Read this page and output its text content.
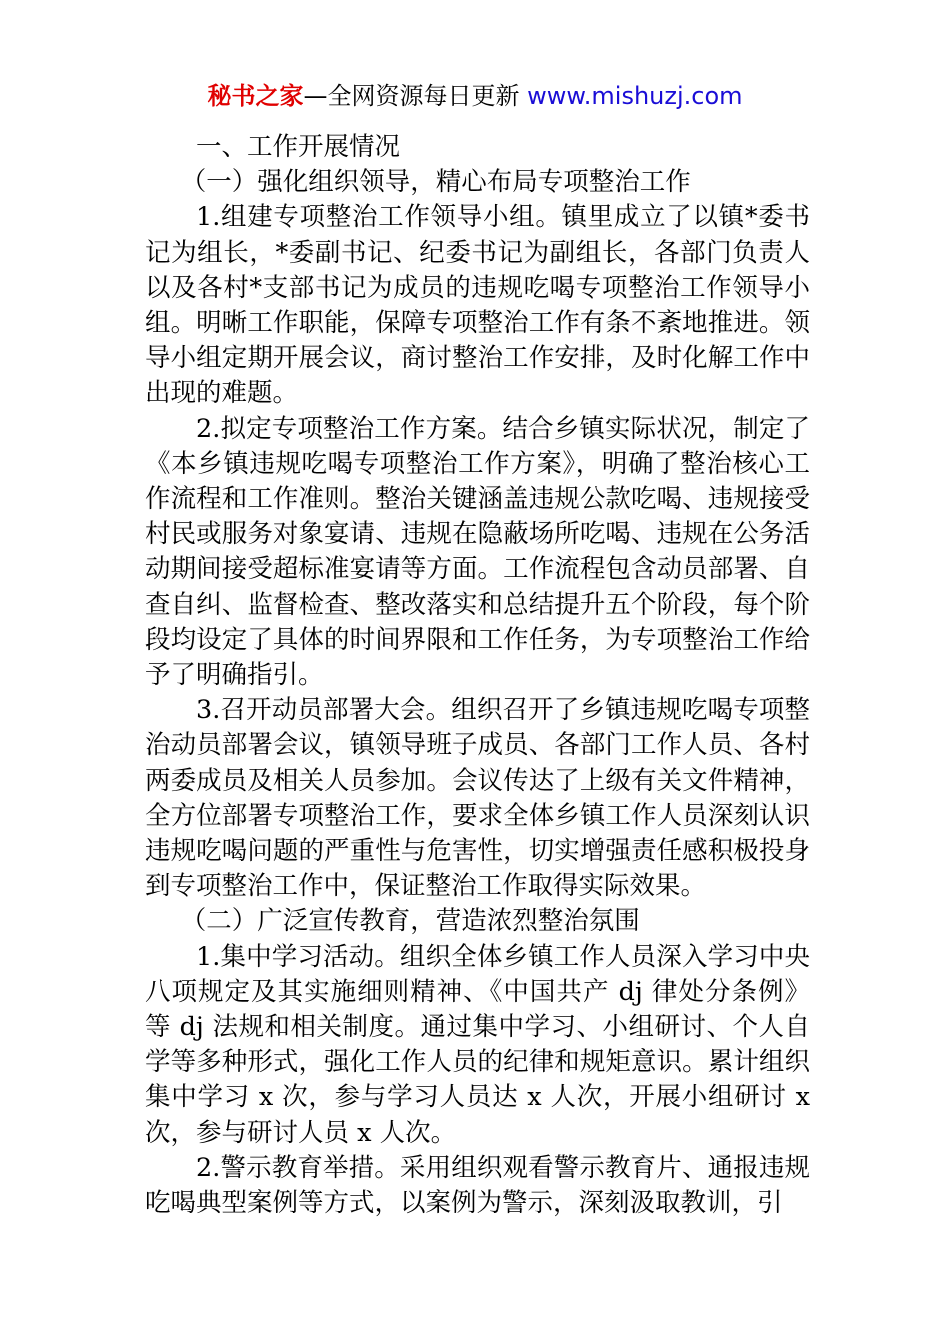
秘书之家—全网资源每日更新 www.mishuzj.com

一、工作开展情况

（一）强化组织领导，精心布局专项整治工作

1.组建专项整治工作领导小组。镇里成立了以镇*委书记为组长，*委副书记、纪委书记为副组长，各部门负责人以及各村*支部书记为成员的违规吃喝专项整治工作领导小组。明晰工作职能，保障专项整治工作有条不紊地推进。领导小组定期开展会议，商讨整治工作安排，及时化解工作中出现的难题。

2.拟定专项整治工作方案。结合乡镇实际状况，制定了《本乡镇违规吃喝专项整治工作方案》，明确了整治核心工作流程和工作准则。整治关键涵盖违规公款吃喝、违规接受村民或服务对象宴请、违规在隐蔽场所吃喝、违规在公务活动期间接受超标准宴请等方面。工作流程包含动员部署、自查自纠、监督检查、整改落实和总结提升五个阶段，每个阶段均设定了具体的时间界限和工作任务，为专项整治工作给予了明确指引。

3.召开动员部署大会。组织召开了乡镇违规吃喝专项整治动员部署会议，镇领导班子成员、各部门工作人员、各村两委成员及相关人员参加。会议传达了上级有关文件精神，全方位部署专项整治工作，要求全体乡镇工作人员深刻认识违规吃喝问题的严重性与危害性，切实增强责任感积极投身到专项整治工作中，保证整治工作取得实际效果。

（二）广泛宣传教育，营造浓烈整治氛围

1.集中学习活动。组织全体乡镇工作人员深入学习中央八项规定及其实施细则精神、《中国共产 dj 律处分条例》等 dj 法规和相关制度。通过集中学习、小组研讨、个人自学等多种形式，强化工作人员的纪律和规矩意识。累计组织集中学习 x 次，参与学习人员达 x 人次，开展小组研讨 x 次，参与研讨人员 x 人次。

2.警示教育举措。采用组织观看警示教育片、通报违规吃喝典型案例等方式，以案例为警示，深刻汲取教训，引
